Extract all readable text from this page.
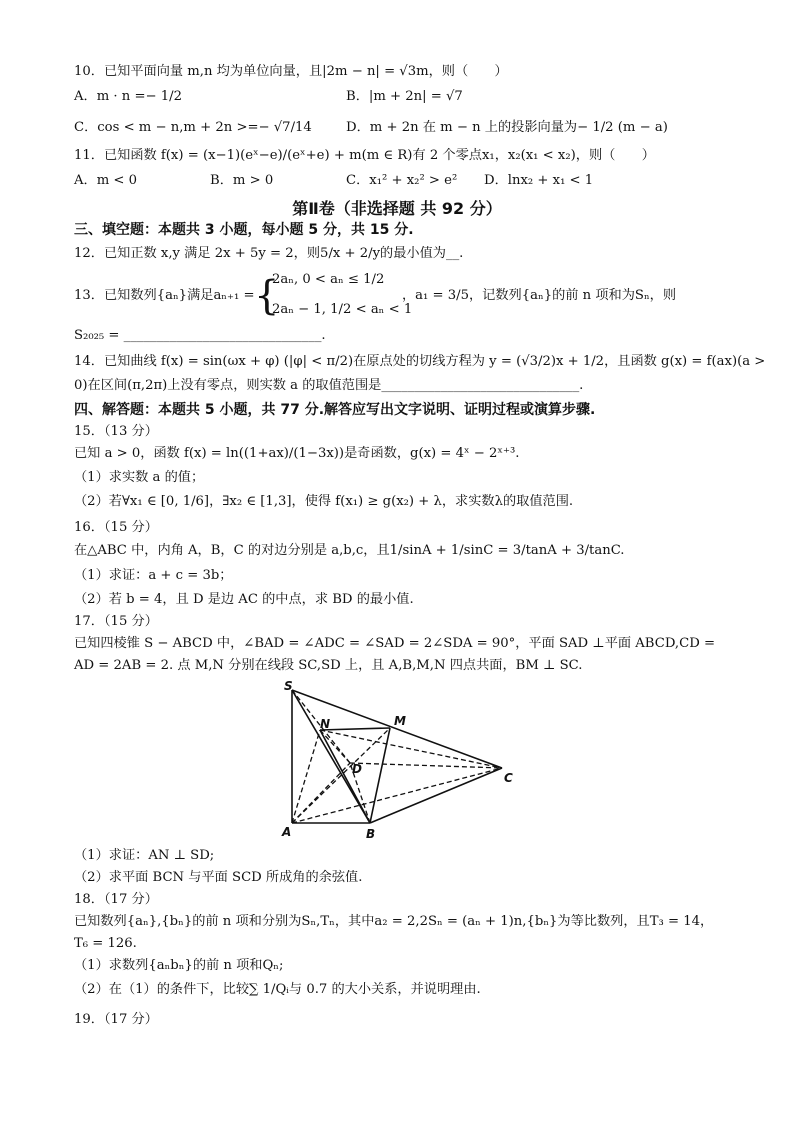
10．已知平面向量 m,n 均为单位向量，且|2m − n| = √3m，则（　　）
A．m · n =− 1/2	B．|m + 2n| = √7
C．cos < m − n,m + 2n >=− √7/14	D．m + 2n 在 m − n 上的投影向量为− 1/2 (m − a)
11．已知函数 f(x) = (x−1)(eˣ−e)/(eˣ+e) + m(m ∈ R)有 2 个零点x₁，x₂(x₁ < x₂)，则（　　）
A．m < 0	B．m > 0	C．x₁² + x₂² > e² D．lnx₂ + x₁ < 1
第Ⅱ卷（非选择题 共 92 分）
三、填空题：本题共 3 小题，每小题 5 分，共 15 分.
12．已知正数 x,y 满足 2x + 5y = 2，则5/x + 2/y的最小值为__.
13．已知数列{aₙ}满足aₙ₊₁ = {
2aₙ, 0 < aₙ ≤ 1/2
2aₙ − 1, 1/2 < aₙ < 1
，a₁ = 3/5，记数列{aₙ}的前 n 项和为Sₙ，则
S₂₀₂₅ = ______________________________.
14．已知曲线 f(x) = sin(ωx + φ) (|φ| < π/2)在原点处的切线方程为 y = (√3/2)x + 1/2，且函数 g(x) = f(ax)(a >
0)在区间(π,2π)上没有零点，则实数 a 的取值范围是______________________________.
四、解答题：本题共 5 小题，共 77 分.解答应写出文字说明、证明过程或演算步骤.
15．（13 分）
已知 a > 0，函数 f(x) = ln((1+ax)/(1−3x))是奇函数，g(x) = 4ˣ − 2ˣ⁺³.
（1）求实数 a 的值；
（2）若∀x₁ ∈ [0, 1/6]，∃x₂ ∈ [1,3]，使得 f(x₁) ≥ g(x₂) + λ，求实数λ的取值范围.
16．（15 分）
在△ABC 中，内角 A，B，C 的对边分别是 a,b,c，且1/sinA + 1/sinC = 3/tanA + 3/tanC.
（1）求证：a + c = 3b；
（2）若 b = 4，且 D 是边 AC 的中点，求 BD 的最小值.
17．（15 分）
已知四棱锥 S − ABCD 中，∠BAD = ∠ADC = ∠SAD = 2∠SDA = 90°，平面 SAD ⊥平面 ABCD,CD =
AD = 2AB = 2. 点 M,N 分别在线段 SC,SD 上，且 A,B,M,N 四点共面，BM ⊥ SC.
S
N	M
D
C
A	B
（1）求证：AN ⊥ SD;
（2）求平面 BCN 与平面 SCD 所成角的余弦值.
18．（17 分）
已知数列{aₙ},{bₙ}的前 n 项和分别为Sₙ,Tₙ，其中a₂ = 2,2Sₙ = (aₙ + 1)n,{bₙ}为等比数列，且T₃ = 14，
T₆ = 126.
（1）求数列{aₙbₙ}的前 n 项和Qₙ;
（2）在（1）的条件下，比较∑ 1/Qᵢ与 0.7 的大小关系，并说明理由.
19．（17 分）
